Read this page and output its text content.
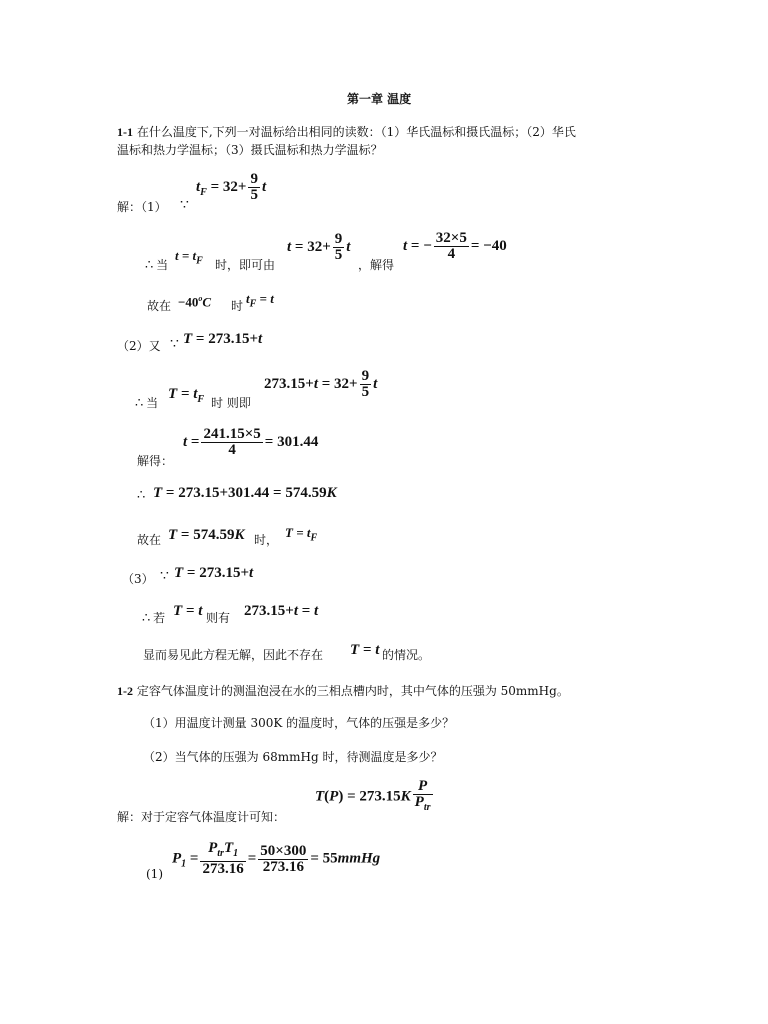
第一章 温度
1-1 在什么温度下,下列一对温标给出相同的读数：（1）华氏温标和摄氏温标；（2）华氏
温标和热力学温标；（3）摄氏温标和热力学温标？
解：（1） ∵
$t_F = 32+ \frac{9}{5}$ t
∴ 当
$t = t_F$ 时，即可由
$t = 32+ \frac{9}{5}$ t
，解得
t = − $\frac{32\times 5}{4} = -40$
故在 $-40^oC$ 时 $t_F = t$
（2）又 ∵ T = 273.15+t
∴ 当
$T = t_F$ 时 则即
$273.15+t = 32+ \frac{9}{5}$ t
解得：
$t = \frac{241.15\times 5}{4} = 301.44$
∴ T = 273.15+301.44 = 574.59K
故在 T = 574.59K 时， $T = t_F$
（3） ∵ T = 273.15+t
∴ 若 T = t 则有 273.15+t = t
显而易见此方程无解，因此不存在 T = t 的情况。
1-2 定容气体温度计的测温泡浸在水的三相点槽内时，其中气体的压强为 50mmHg。
（1）用温度计测量 300K 的温度时，气体的压强是多少？
（2）当气体的压强为 68mmHg 时，待测温度是多少？
解：对于定容气体温度计可知：
$T(P) = 273.15K \frac{P}{P_{tr}}$
(1)
$P_1 = \frac{P_{tr}T_1}{273.16} = \frac{50\times 300}{273.16}$ = 55mmHg
